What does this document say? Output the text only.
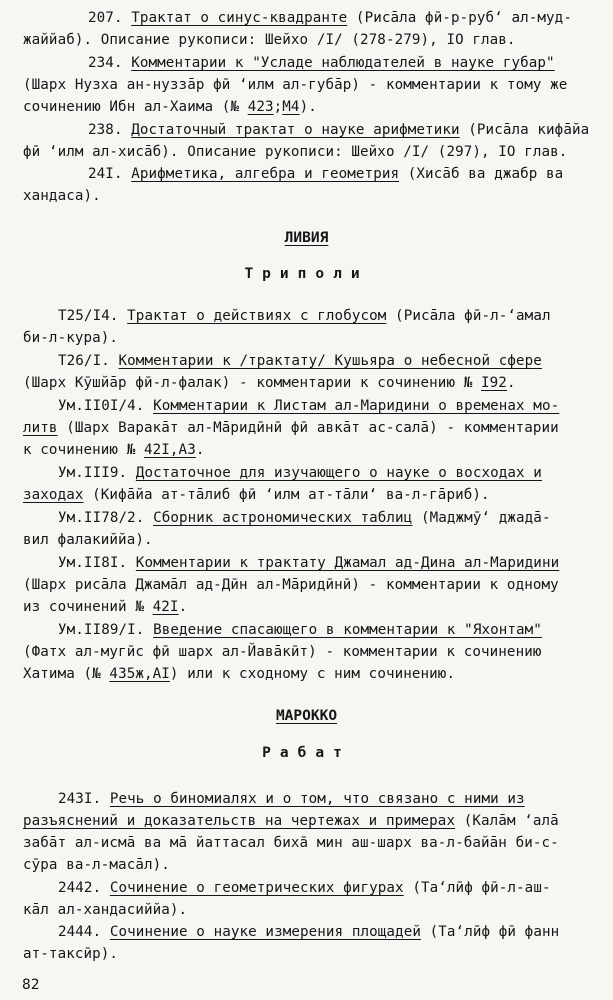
207. Трактат о синус-квадранте (Рисāла фӣ-р-руб‘ ал-муд-
жаййаб). Описание рукописи: Шейхо /I/ (278-279), IO глав.
234. Комментарии к "Усладе наблюдателей в науке губар"
(Шарх Нузха ан-нуззāр фӣ ‘илм ал-губāр) - комментарии к тому же
сочинению Ибн ал-Хаима (№ 423;М4).
238. Достаточный трактат о науке арифметики (Рисāла кифāйа
фӣ ‘илм ал-хисāб). Описание рукописи: Шейхо /I/ (297), IO глав.
24I. Арифметика, алгебра и геометрия (Хисāб ва джабр ва
хандаса).
ЛИВИЯ
Триполи
T25/I4. Трактат о действиях с глобусом (Рисāла фӣ-л-‘амал
би-л-кура).
T26/I. Комментарии к /трактату/ Кушьяра о небесной сфере
(Шарх Кӯшйāр фӣ-л-фалак) - комментарии к сочинению № I92.
Ум.II0I/4. Комментарии к Листам ал-Маридини о временах мо-
литв (Шарх Варакāт ал-Мāридӣнӣ фӣ авкāт ас-салā) - комментарии
к сочинению № 42I,A3.
Ум.III9. Достаточное для изучающего о науке о восходах и
заходах (Кифāйа ат-тāлиб фӣ ‘илм ат-тāли‘ ва-л-гāриб).
Ум.II78/2. Сборник астрономических таблиц (Маджмӯ‘ джадā-
вил фалакиййа).
Ум.II8I. Комментарии к трактату Джамал ад-Дина ал-Маридини
(Шарх рисāла Джамāл ад-Дӣн ал-Мāридӣнӣ) - комментарии к одному
из сочинений № 42I.
Ум.II89/I. Введение спасающего в комментарии к "Яхонтам"
(Фатх ал-мугӣс фӣ шарх ал-Йавāкӣт) - комментарии к сочинению
Хатима (№ 435ж,AI) или к сходному с ним сочинению.
МАРОККО
Рабат
243I. Речь о биномиалях и о том, что связано с ними из
разъяснений и доказательств на чертежах и примерах (Калāм ‘алā
забāт ал-исмā ва мā йаттасал биха̄ мин аш-шарх ва-л-байāн би-с-
сӯра ва-л-масāл).
2442. Сочинение о геометрических фигурах (Та‘лӣф фӣ-л-аш-
кāл ал-хандасиййа).
2444. Сочинение о науке измерения площадей (Та‘лӣф фӣ фанн
ат-таксӣр).
82
